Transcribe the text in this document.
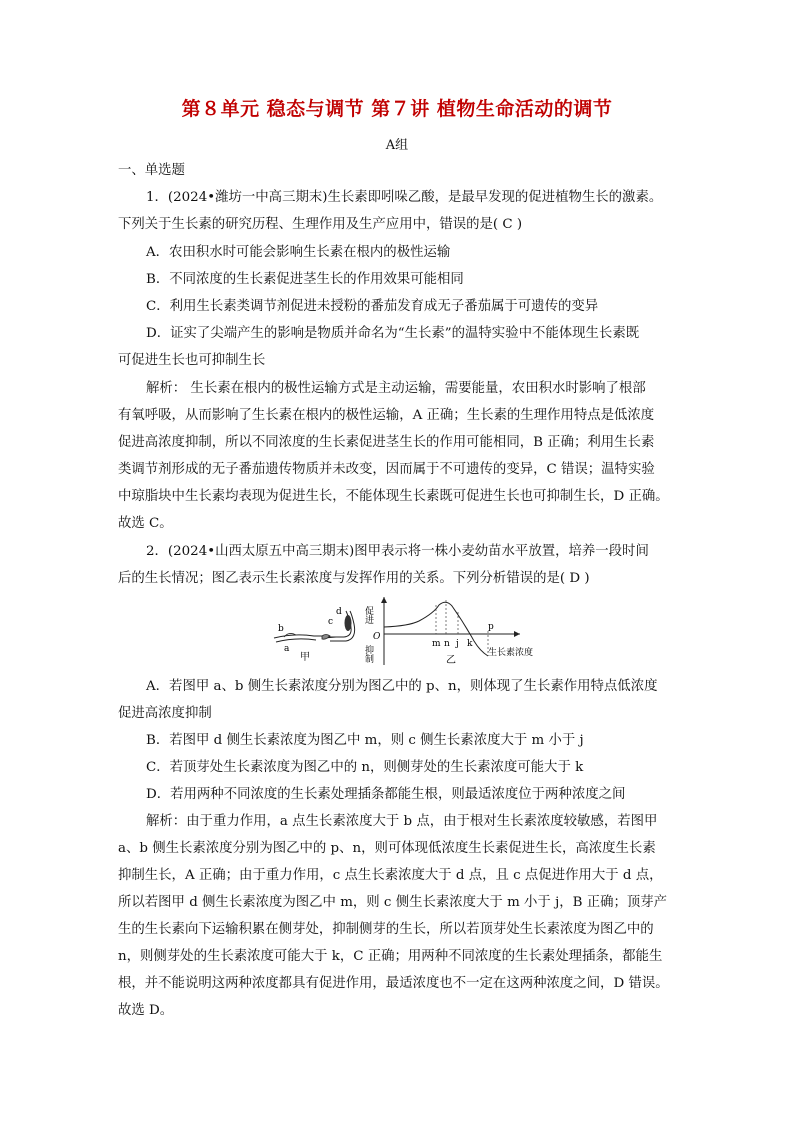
第８单元 稳态与调节 第７讲 植物生命活动的调节
A组
一、单选题
1．(2024•潍坊一中高三期末)生长素即吲哚乙酸，是最早发现的促进植物生长的激素。
下列关于生长素的研究历程、生理作用及生产应用中，错误的是( C )
A．农田积水时可能会影响生长素在根内的极性运输
B．不同浓度的生长素促进茎生长的作用效果可能相同
C．利用生长素类调节剂促进未授粉的番茄发育成无子番茄属于可遗传的变异
D．证实了尖端产生的影响是物质并命名为“生长素”的温特实验中不能体现生长素既
可促进生长也可抑制生长
解析： 生长素在根内的极性运输方式是主动运输，需要能量，农田积水时影响了根部
有氧呼吸，从而影响了生长素在根内的极性运输，A 正确；生长素的生理作用特点是低浓度
促进高浓度抑制，所以不同浓度的生长素促进茎生长的作用可能相同，B 正确；利用生长素
类调节剂形成的无子番茄遗传物质并未改变，因而属于不可遗传的变异，C 错误；温特实验
中琼脂块中生长素均表现为促进生长，不能体现生长素既可促进生长也可抑制生长，D 正确。
故选 C。
2．(2024•山西太原五中高三期末)图甲表示将一株小麦幼苗水平放置，培养一段时间
后的生长情况；图乙表示生长素浓度与发挥作用的关系。下列分析错误的是( D )
b
a
c
d
甲
促进
O
抑制
m n j k
p
生长素浓度
乙
A．若图甲 a、b 侧生长素浓度分别为图乙中的 p、n，则体现了生长素作用特点低浓度
促进高浓度抑制
B．若图甲 d 侧生长素浓度为图乙中 m，则 c 侧生长素浓度大于 m 小于 j
C．若顶芽处生长素浓度为图乙中的 n，则侧芽处的生长素浓度可能大于 k
D．若用两种不同浓度的生长素处理插条都能生根，则最适浓度位于两种浓度之间
解析：由于重力作用，a 点生长素浓度大于 b 点，由于根对生长素浓度较敏感，若图甲
a、b 侧生长素浓度分别为图乙中的 p、n，则可体现低浓度生长素促进生长，高浓度生长素
抑制生长，A 正确；由于重力作用，c 点生长素浓度大于 d 点，且 c 点促进作用大于 d 点，
所以若图甲 d 侧生长素浓度为图乙中 m，则 c 侧生长素浓度大于 m 小于 j，B 正确；顶芽产
生的生长素向下运输积累在侧芽处，抑制侧芽的生长，所以若顶芽处生长素浓度为图乙中的
n，则侧芽处的生长素浓度可能大于 k，C 正确；用两种不同浓度的生长素处理插条，都能生
根，并不能说明这两种浓度都具有促进作用，最适浓度也不一定在这两种浓度之间，D 错误。
故选 D。
